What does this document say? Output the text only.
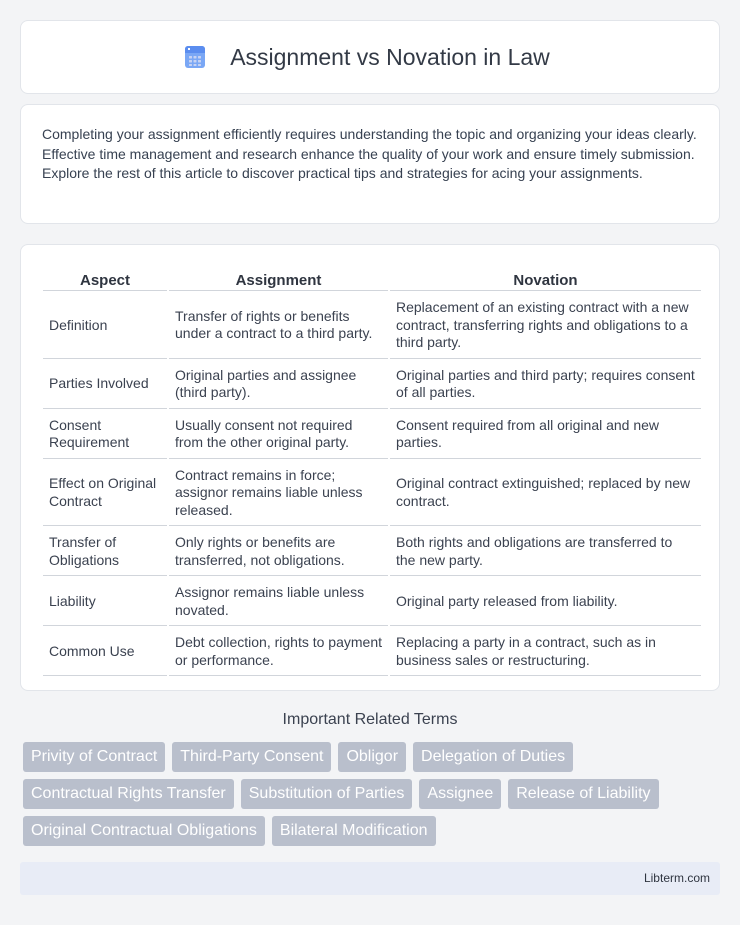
Assignment vs Novation in Law

Completing your assignment efficiently requires understanding the topic and organizing your ideas clearly. Effective time management and research enhance the quality of your work and ensure timely submission. Explore the rest of this article to discover practical tips and strategies for acing your assignments.

Aspect	Assignment	Novation
Definition	Transfer of rights or benefits under a contract to a third party.	Replacement of an existing contract with a new contract, transferring rights and obligations to a third party.
Parties Involved	Original parties and assignee (third party).	Original parties and third party; requires consent of all parties.
Consent Requirement	Usually consent not required from the other original party.	Consent required from all original and new parties.
Effect on Original Contract	Contract remains in force; assignor remains liable unless released.	Original contract extinguished; replaced by new contract.
Transfer of Obligations	Only rights or benefits are transferred, not obligations.	Both rights and obligations are transferred to the new party.
Liability	Assignor remains liable unless novated.	Original party released from liability.
Common Use	Debt collection, rights to payment or performance.	Replacing a party in a contract, such as in business sales or restructuring.
Important Related Terms
Privity of Contract	Third-Party Consent	Obligor	Delegation of Duties
Contractual Rights Transfer	Substitution of Parties	Assignee	Release of Liability
Original Contractual Obligations	Bilateral Modification
Libterm.com
